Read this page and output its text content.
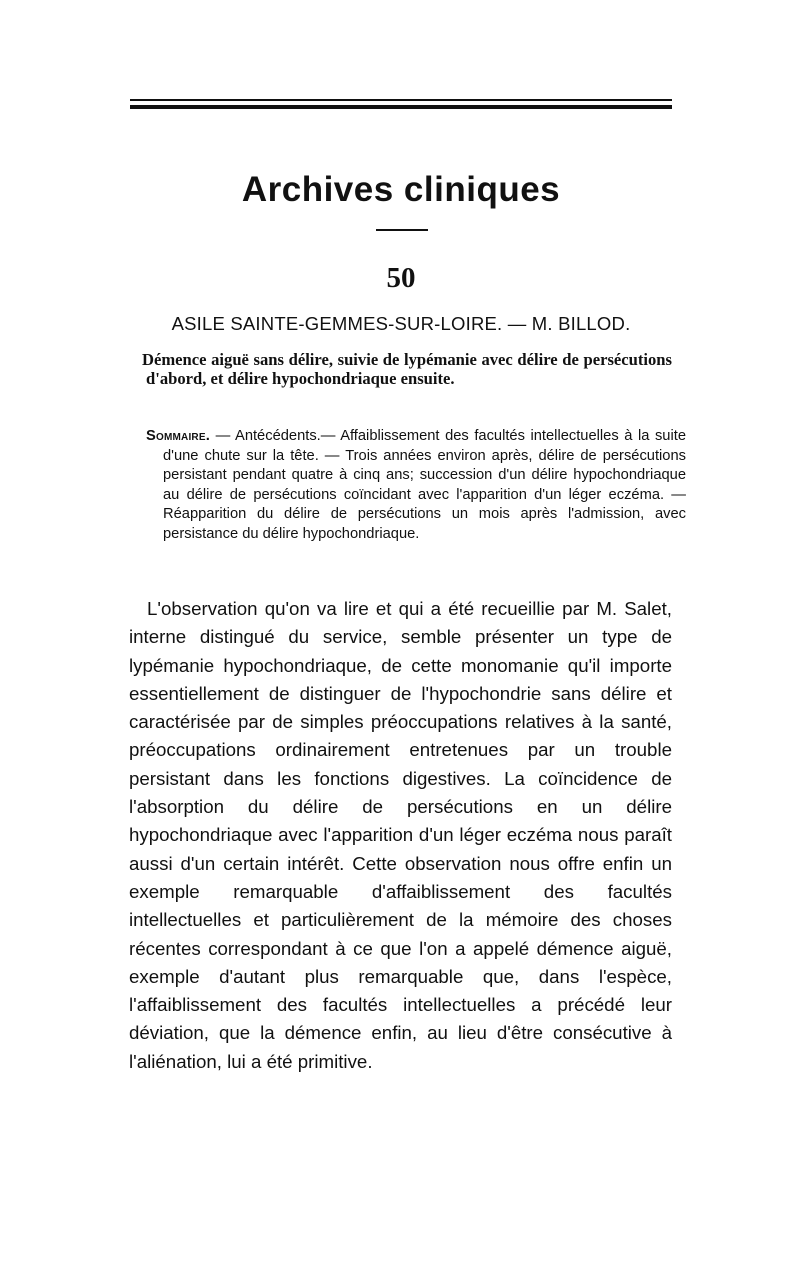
Archives cliniques
50
ASILE SAINTE-GEMMES-SUR-LOIRE. — M. BILLOD.

Démence aiguë sans délire, suivie de lypémanie avec délire de persécutions d'abord, et délire hypochondriaque ensuite.

Sommaire. — Antécédents.— Affaiblissement des facultés intellectuelles à la suite d'une chute sur la tête. — Trois années environ après, délire de persécutions persistant pendant quatre à cinq ans; succession d'un délire hypochondriaque au délire de persécutions coïncidant avec l'apparition d'un léger eczéma. — Réapparition du délire de persécutions un mois après l'admission, avec persistance du délire hypochondriaque.

L'observation qu'on va lire et qui a été recueillie par M. Salet, interne distingué du service, semble présenter un type de lypémanie hypochondriaque, de cette monomanie qu'il importe essentiellement de distinguer de l'hypochondrie sans délire et caractérisée par de simples préoccupations relatives à la santé, préoccupations ordinairement entretenues par un trouble persistant dans les fonctions digestives. La coïncidence de l'absorption du délire de persécutions en un délire hypochondriaque avec l'apparition d'un léger eczéma nous paraît aussi d'un certain intérêt. Cette observation nous offre enfin un exemple remarquable d'affaiblissement des facultés intellectuelles et particulièrement de la mémoire des choses récentes correspondant à ce que l'on a appelé démence aiguë, exemple d'autant plus remarquable que, dans l'espèce, l'affaiblissement des facultés intellectuelles a précédé leur déviation, que la démence enfin, au lieu d'être consécutive à l'aliénation, lui a été primitive.
